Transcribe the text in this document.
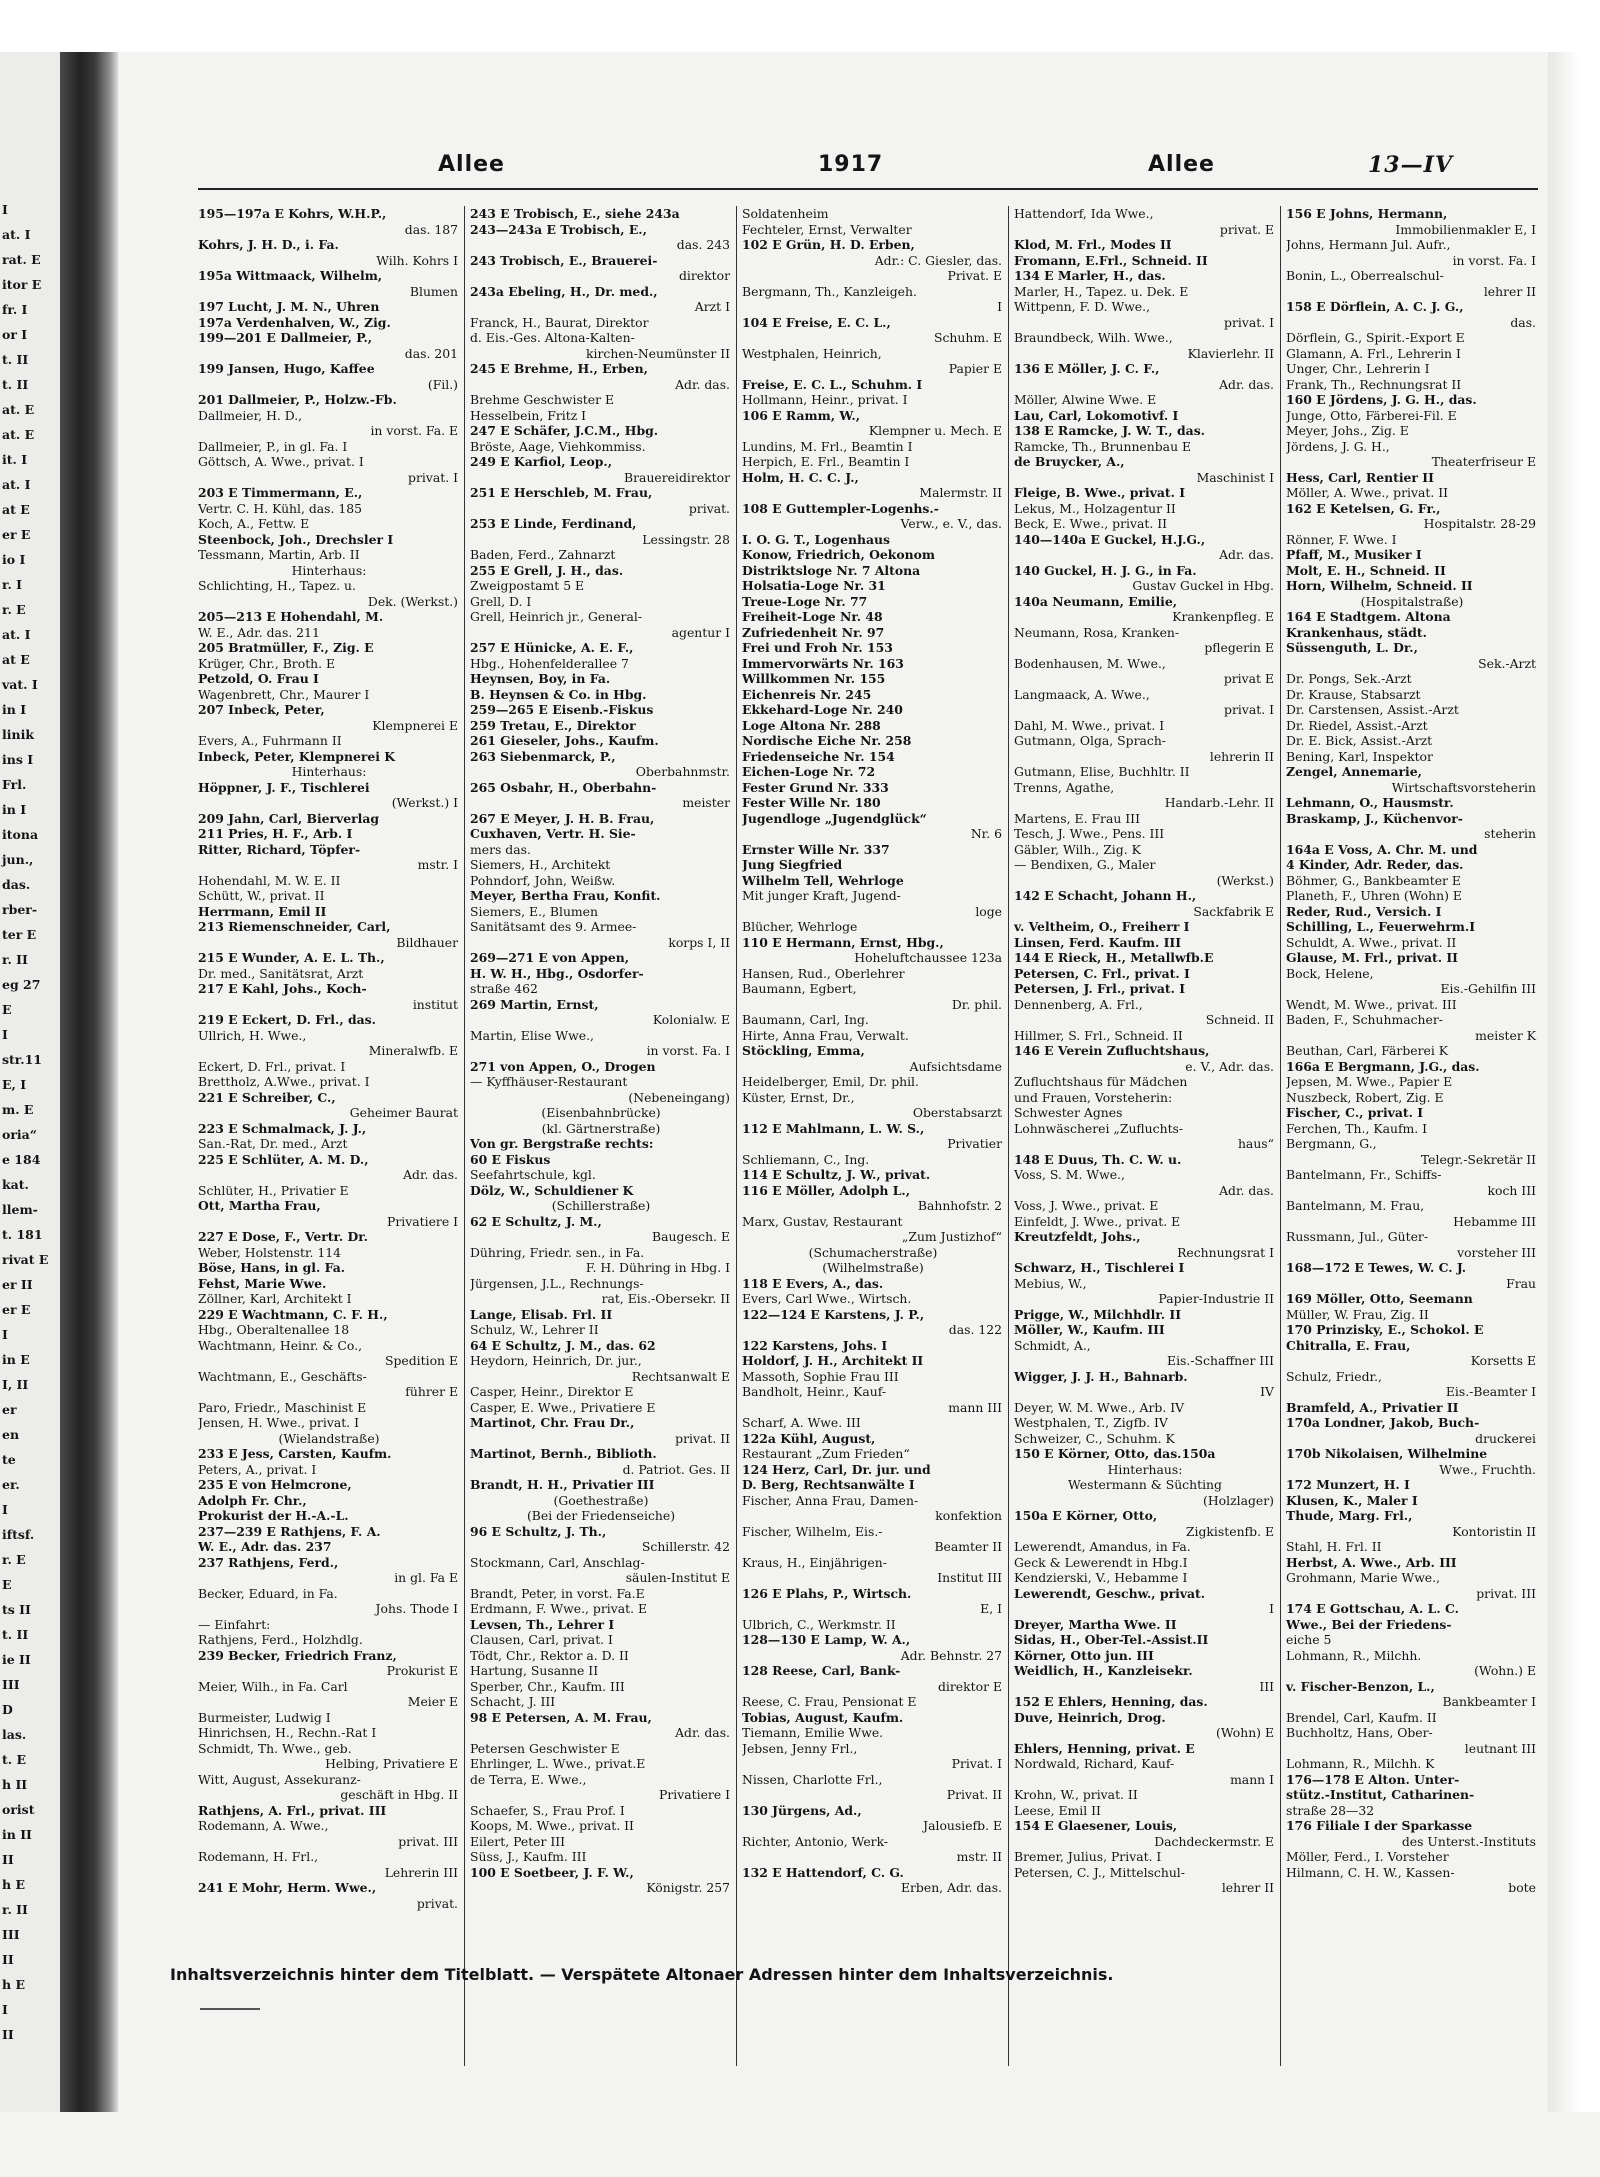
I
at. I
rat. E
itor E
fr. I
or I
t. II
t. II
at. E
at. E
it. I
at. I
at E
er E
io I
r. I
r. E
at. I
at E
vat. I
in I
linik
ins I
Frl.
in I
itona
jun.,
das.
rber-
ter E
r. II
eg 27
E
I
str.11
E, I
m. E
oria“
e 184
kat.
llem-
t. 181
rivat E
er II
er E
I
in E
I, II
er
en
te
er.
I
iftsf.
r. E
E
ts II
t. II
ie II
III
D
las.
t. E
h II
orist
in II
II
h E
r. II
III
II
h E
I
II
Allee	1917	Allee	13—IV
195—197a E Kohrs, W.H.P.,
das. 187
Kohrs, J. H. D., i. Fa.
Wilh. Kohrs I
195a Wittmaack, Wilhelm,
Blumen
197 Lucht, J. M. N., Uhren
197a Verdenhalven, W., Zig.
199—201 E Dallmeier, P.,
das. 201
199 Jansen, Hugo, Kaffee
(Fil.)
201 Dallmeier, P., Holzw.-Fb.
Dallmeier, H. D.,
in vorst. Fa. E
Dallmeier, P., in gl. Fa. I
Göttsch, A. Wwe., privat. I
privat. I
203 E Timmermann, E.,
Vertr. C. H. Kühl, das. 185
Koch, A., Fettw. E
Steenbock, Joh., Drechsler I
Tessmann, Martin, Arb. II
Hinterhaus:
Schlichting, H., Tapez. u.
Dek. (Werkst.)
205—213 E Hohendahl, M.
W. E., Adr. das. 211
205 Bratmüller, F., Zig. E
Krüger, Chr., Broth. E
Petzold, O. Frau I
Wagenbrett, Chr., Maurer I
207 Inbeck, Peter,
Klempnerei E
Evers, A., Fuhrmann II
Inbeck, Peter, Klempnerei K
Hinterhaus:
Höppner, J. F., Tischlerei
(Werkst.) I
209 Jahn, Carl, Bierverlag
211 Pries, H. F., Arb. I
Ritter, Richard, Töpfer-
mstr. I
Hohendahl, M. W. E. II
Schütt, W., privat. II
Herrmann, Emil II
213 Riemenschneider, Carl,
Bildhauer
215 E Wunder, A. E. L. Th.,
Dr. med., Sanitätsrat, Arzt
217 E Kahl, Johs., Koch-
institut
219 E Eckert, D. Frl., das.
Ullrich, H. Wwe.,
Mineralwfb. E
Eckert, D. Frl., privat. I
Brettholz, A.Wwe., privat. I
221 E Schreiber, C.,
Geheimer Baurat
223 E Schmalmack, J. J.,
San.-Rat, Dr. med., Arzt
225 E Schlüter, A. M. D.,
Adr. das.
Schlüter, H., Privatier E
Ott, Martha Frau,
Privatiere I
227 E Dose, F., Vertr. Dr.
Weber, Holstenstr. 114
Böse, Hans, in gl. Fa.
Fehst, Marie Wwe.
Zöllner, Karl, Architekt I
229 E Wachtmann, C. F. H.,
Hbg., Oberaltenallee 18
Wachtmann, Heinr. & Co.,
Spedition E
Wachtmann, E., Geschäfts-
führer E
Paro, Friedr., Maschinist E
Jensen, H. Wwe., privat. I
(Wielandstraße)
233 E Jess, Carsten, Kaufm.
Peters, A., privat. I
235 E von Helmcrone,
Adolph Fr. Chr.,
Prokurist der H.-A.-L.
237—239 E Rathjens, F. A.
W. E., Adr. das. 237
237 Rathjens, Ferd.,
in gl. Fa E
Becker, Eduard, in Fa.
Johs. Thode I
— Einfahrt:
Rathjens, Ferd., Holzhdlg.
239 Becker, Friedrich Franz,
Prokurist E
Meier, Wilh., in Fa. Carl
Meier E
Burmeister, Ludwig I
Hinrichsen, H., Rechn.-Rat I
Schmidt, Th. Wwe., geb.
Helbing, Privatiere E
Witt, August, Assekuranz-
geschäft in Hbg. II
Rathjens, A. Frl., privat. III
Rodemann, A. Wwe.,
privat. III
Rodemann, H. Frl.,
Lehrerin III
241 E Mohr, Herm. Wwe.,
privat.
243 E Trobisch, E., siehe 243a
243—243a E Trobisch, E.,
das. 243
243 Trobisch, E., Brauerei-
direktor
243a Ebeling, H., Dr. med.,
Arzt I
Franck, H., Baurat, Direktor
d. Eis.-Ges. Altona-Kalten-
kirchen-Neumünster II
245 E Brehme, H., Erben,
Adr. das.
Brehme Geschwister E
Hesselbein, Fritz I
247 E Schäfer, J.C.M., Hbg.
Bröste, Aage, Viehkommiss.
249 E Karfiol, Leop.,
Brauereidirektor
251 E Herschleb, M. Frau,
privat.
253 E Linde, Ferdinand,
Lessingstr. 28
Baden, Ferd., Zahnarzt
255 E Grell, J. H., das.
Zweigpostamt 5 E
Grell, D. I
Grell, Heinrich jr., General-
agentur I
257 E Hünicke, A. E. F.,
Hbg., Hohenfelderallee 7
Heynsen, Boy, in Fa.
B. Heynsen & Co. in Hbg.
259—265 E Eisenb.-Fiskus
259 Tretau, E., Direktor
261 Gieseler, Johs., Kaufm.
263 Siebenmarck, P.,
Oberbahnmstr.
265 Osbahr, H., Oberbahn-
meister
267 E Meyer, J. H. B. Frau,
Cuxhaven, Vertr. H. Sie-
mers das.
Siemers, H., Architekt
Pohndorf, John, Weißw.
Meyer, Bertha Frau, Konfit.
Siemers, E., Blumen
Sanitätsamt des 9. Armee-
korps I, II
269—271 E von Appen,
H. W. H., Hbg., Osdorfer-
straße 462
269 Martin, Ernst,
Kolonialw. E
Martin, Elise Wwe.,
in vorst. Fa. I
271 von Appen, O., Drogen
— Kyffhäuser-Restaurant
(Nebeneingang)
(Eisenbahnbrücke)
(kl. Gärtnerstraße)
Von gr. Bergstraße rechts:
60 E Fiskus
Seefahrtschule, kgl.
Dölz, W., Schuldiener K
(Schillerstraße)
62 E Schultz, J. M.,
Baugesch. E
Dühring, Friedr. sen., in Fa.
F. H. Dühring in Hbg. I
Jürgensen, J.L., Rechnungs-
rat, Eis.-Obersekr. II
Lange, Elisab. Frl. II
Schulz, W., Lehrer II
64 E Schultz, J. M., das. 62
Heydorn, Heinrich, Dr. jur.,
Rechtsanwalt E
Casper, Heinr., Direktor E
Casper, E. Wwe., Privatiere E
Martinot, Chr. Frau Dr.,
privat. II
Martinot, Bernh., Biblioth.
d. Patriot. Ges. II
Brandt, H. H., Privatier III
(Goethestraße)
(Bei der Friedenseiche)
96 E Schultz, J. Th.,
Schillerstr. 42
Stockmann, Carl, Anschlag-
säulen-Institut E
Brandt, Peter, in vorst. Fa.E
Erdmann, F. Wwe., privat. E
Levsen, Th., Lehrer I
Clausen, Carl, privat. I
Tödt, Chr., Rektor a. D. II
Hartung, Susanne II
Sperber, Chr., Kaufm. III
Schacht, J. III
98 E Petersen, A. M. Frau,
Adr. das.
Petersen Geschwister E
Ehrlinger, L. Wwe., privat.E
de Terra, E. Wwe.,
Privatiere I
Schaefer, S., Frau Prof. I
Koops, M. Wwe., privat. II
Eilert, Peter III
Süss, J., Kaufm. III
100 E Soetbeer, J. F. W.,
Königstr. 257
Soldatenheim
Fechteler, Ernst, Verwalter
102 E Grün, H. D. Erben,
Adr.: C. Giesler, das.
Privat. E
Bergmann, Th., Kanzleigeh.
I
104 E Freise, E. C. L.,
Schuhm. E
Westphalen, Heinrich,
Papier E
Freise, E. C. L., Schuhm. I
Hollmann, Heinr., privat. I
106 E Ramm, W.,
Klempner u. Mech. E
Lundins, M. Frl., Beamtin I
Herpich, E. Frl., Beamtin I
Holm, H. C. C. J.,
Malermstr. II
108 E Guttempler-Logenhs.-
Verw., e. V., das.
I. O. G. T., Logenhaus
Konow, Friedrich, Oekonom
Distriktsloge Nr. 7 Altona
Holsatia-Loge Nr. 31
Treue-Loge Nr. 77
Freiheit-Loge Nr. 48
Zufriedenheit Nr. 97
Frei und Froh Nr. 153
Immervorwärts Nr. 163
Willkommen Nr. 155
Eichenreis Nr. 245
Ekkehard-Loge Nr. 240
Loge Altona Nr. 288
Nordische Eiche Nr. 258
Friedenseiche Nr. 154
Eichen-Loge Nr. 72
Fester Grund Nr. 333
Fester Wille Nr. 180
Jugendloge „Jugendglück“
Nr. 6
Ernster Wille Nr. 337
Jung Siegfried
Wilhelm Tell, Wehrloge
Mit junger Kraft, Jugend-
loge
Blücher, Wehrloge
110 E Hermann, Ernst, Hbg.,
Hoheluftchaussee 123a
Hansen, Rud., Oberlehrer
Baumann, Egbert,
Dr. phil.
Baumann, Carl, Ing.
Hirte, Anna Frau, Verwalt.
Stöckling, Emma,
Aufsichtsdame
Heidelberger, Emil, Dr. phil.
Küster, Ernst, Dr.,
Oberstabsarzt
112 E Mahlmann, L. W. S.,
Privatier
Schliemann, C., Ing.
114 E Schultz, J. W., privat.
116 E Möller, Adolph L.,
Bahnhofstr. 2
Marx, Gustav, Restaurant
„Zum Justizhof“
(Schumacherstraße)
(Wilhelmstraße)
118 E Evers, A., das.
Evers, Carl Wwe., Wirtsch.
122—124 E Karstens, J. P.,
das. 122
122 Karstens, Johs. I
Holdorf, J. H., Architekt II
Massoth, Sophie Frau III
Bandholt, Heinr., Kauf-
mann III
Scharf, A. Wwe. III
122a Kühl, August,
Restaurant „Zum Frieden“
124 Herz, Carl, Dr. jur. und
D. Berg, Rechtsanwälte I
Fischer, Anna Frau, Damen-
konfektion
Fischer, Wilhelm, Eis.-
Beamter II
Kraus, H., Einjährigen-
Institut III
126 E Plahs, P., Wirtsch.
E, I
Ulbrich, C., Werkmstr. II
128—130 E Lamp, W. A.,
Adr. Behnstr. 27
128 Reese, Carl, Bank-
direktor E
Reese, C. Frau, Pensionat E
Tobias, August, Kaufm.
Tiemann, Emilie Wwe.
Jebsen, Jenny Frl.,
Privat. I
Nissen, Charlotte Frl.,
Privat. II
130 Jürgens, Ad.,
Jalousiefb. E
Richter, Antonio, Werk-
mstr. II
132 E Hattendorf, C. G.
Erben, Adr. das.
Hattendorf, Ida Wwe.,
privat. E
Klod, M. Frl., Modes II
Fromann, E.Frl., Schneid. II
134 E Marler, H., das.
Marler, H., Tapez. u. Dek. E
Wittpenn, F. D. Wwe.,
privat. I
Braundbeck, Wilh. Wwe.,
Klavierlehr. II
136 E Möller, J. C. F.,
Adr. das.
Möller, Alwine Wwe. E
Lau, Carl, Lokomotivf. I
138 E Ramcke, J. W. T., das.
Ramcke, Th., Brunnenbau E
de Bruycker, A.,
Maschinist I
Fleige, B. Wwe., privat. I
Lekus, M., Holzagentur II
Beck, E. Wwe., privat. II
140—140a E Guckel, H.J.G.,
Adr. das.
140 Guckel, H. J. G., in Fa.
Gustav Guckel in Hbg.
140a Neumann, Emilie,
Krankenpfleg. E
Neumann, Rosa, Kranken-
pflegerin E
Bodenhausen, M. Wwe.,
privat E
Langmaack, A. Wwe.,
privat. I
Dahl, M. Wwe., privat. I
Gutmann, Olga, Sprach-
lehrerin II
Gutmann, Elise, Buchhltr. II
Trenns, Agathe,
Handarb.-Lehr. II
Martens, E. Frau III
Tesch, J. Wwe., Pens. III
Gäbler, Wilh., Zig. K
— Bendixen, G., Maler
(Werkst.)
142 E Schacht, Johann H.,
Sackfabrik E
v. Veltheim, O., Freiherr I
Linsen, Ferd. Kaufm. III
144 E Rieck, H., Metallwfb.E
Petersen, C. Frl., privat. I
Petersen, J. Frl., privat. I
Dennenberg, A. Frl.,
Schneid. II
Hillmer, S. Frl., Schneid. II
146 E Verein Zufluchtshaus,
e. V., Adr. das.
Zufluchtshaus für Mädchen
und Frauen, Vorsteherin:
Schwester Agnes
Lohnwäscherei „Zufluchts-
haus“
148 E Duus, Th. C. W. u.
Voss, S. M. Wwe.,
Adr. das.
Voss, J. Wwe., privat. E
Einfeldt, J. Wwe., privat. E
Kreutzfeldt, Johs.,
Rechnungsrat I
Schwarz, H., Tischlerei I
Mebius, W.,
Papier-Industrie II
Prigge, W., Milchhdlr. II
Möller, W., Kaufm. III
Schmidt, A.,
Eis.-Schaffner III
Wigger, J. J. H., Bahnarb.
IV
Deyer, W. M. Wwe., Arb. IV
Westphalen, T., Zigfb. IV
Schweizer, C., Schuhm. K
150 E Körner, Otto, das.150a
Hinterhaus:
Westermann & Süchting
(Holzlager)
150a E Körner, Otto,
Zigkistenfb. E
Lewerendt, Amandus, in Fa.
Geck & Lewerendt in Hbg.I
Kendzierski, V., Hebamme I
Lewerendt, Geschw., privat.
I
Dreyer, Martha Wwe. II
Sidas, H., Ober-Tel.-Assist.II
Körner, Otto jun. III
Weidlich, H., Kanzleisekr.
III
152 E Ehlers, Henning, das.
Duve, Heinrich, Drog.
(Wohn) E
Ehlers, Henning, privat. E
Nordwald, Richard, Kauf-
mann I
Krohn, W., privat. II
Leese, Emil II
154 E Glaesener, Louis,
Dachdeckermstr. E
Bremer, Julius, Privat. I
Petersen, C. J., Mittelschul-
lehrer II
156 E Johns, Hermann,
Immobilienmakler E, I
Johns, Hermann Jul. Aufr.,
in vorst. Fa. I
Bonin, L., Oberrealschul-
lehrer II
158 E Dörflein, A. C. J. G.,
das.
Dörflein, G., Spirit.-Export E
Glamann, A. Frl., Lehrerin I
Unger, Chr., Lehrerin I
Frank, Th., Rechnungsrat II
160 E Jördens, J. G. H., das.
Junge, Otto, Färberei-Fil. E
Meyer, Johs., Zig. E
Jördens, J. G. H.,
Theaterfriseur E
Hess, Carl, Rentier II
Möller, A. Wwe., privat. II
162 E Ketelsen, G. Fr.,
Hospitalstr. 28-29
Rönner, F. Wwe. I
Pfaff, M., Musiker I
Molt, E. H., Schneid. II
Horn, Wilhelm, Schneid. II
(Hospitalstraße)
164 E Stadtgem. Altona
Krankenhaus, städt.
Süssenguth, L. Dr.,
Sek.-Arzt
Dr. Pongs, Sek.-Arzt
Dr. Krause, Stabsarzt
Dr. Carstensen, Assist.-Arzt
Dr. Riedel, Assist.-Arzt
Dr. E. Bick, Assist.-Arzt
Bening, Karl, Inspektor
Zengel, Annemarie,
Wirtschaftsvorsteherin
Lehmann, O., Hausmstr.
Braskamp, J., Küchenvor-
steherin
164a E Voss, A. Chr. M. und
4 Kinder, Adr. Reder, das.
Böhmer, G., Bankbeamter E
Planeth, F., Uhren (Wohn) E
Reder, Rud., Versich. I
Schilling, L., Feuerwehrm.I
Schuldt, A. Wwe., privat. II
Glause, M. Frl., privat. II
Bock, Helene,
Eis.-Gehilfin III
Wendt, M. Wwe., privat. III
Baden, F., Schuhmacher-
meister K
Beuthan, Carl, Färberei K
166a E Bergmann, J.G., das.
Jepsen, M. Wwe., Papier E
Nuszbeck, Robert, Zig. E
Fischer, C., privat. I
Ferchen, Th., Kaufm. I
Bergmann, G.,
Telegr.-Sekretär II
Bantelmann, Fr., Schiffs-
koch III
Bantelmann, M. Frau,
Hebamme III
Russmann, Jul., Güter-
vorsteher III
168—172 E Tewes, W. C. J.
Frau
169 Möller, Otto, Seemann
Müller, W. Frau, Zig. II
170 Prinzisky, E., Schokol. E
Chitralla, E. Frau,
Korsetts E
Schulz, Friedr.,
Eis.-Beamter I
Bramfeld, A., Privatier II
170a Londner, Jakob, Buch-
druckerei
170b Nikolaisen, Wilhelmine
Wwe., Fruchth.
172 Munzert, H. I
Klusen, K., Maler I
Thude, Marg. Frl.,
Kontoristin II
Stahl, H. Frl. II
Herbst, A. Wwe., Arb. III
Grohmann, Marie Wwe.,
privat. III
174 E Gottschau, A. L. C.
Wwe., Bei der Friedens-
eiche 5
Lohmann, R., Milchh.
(Wohn.) E
v. Fischer-Benzon, L.,
Bankbeamter I
Brendel, Carl, Kaufm. II
Buchholtz, Hans, Ober-
leutnant III
Lohmann, R., Milchh. K
176—178 E Alton. Unter-
stütz.-Institut, Catharinen-
straße 28—32
176 Filiale I der Sparkasse
des Unterst.-Instituts
Möller, Ferd., I. Vorsteher
Hilmann, C. H. W., Kassen-
bote
Inhaltsverzeichnis hinter dem Titelblatt. — Verspätete Altonaer Adressen hinter dem Inhaltsverzeichnis.
